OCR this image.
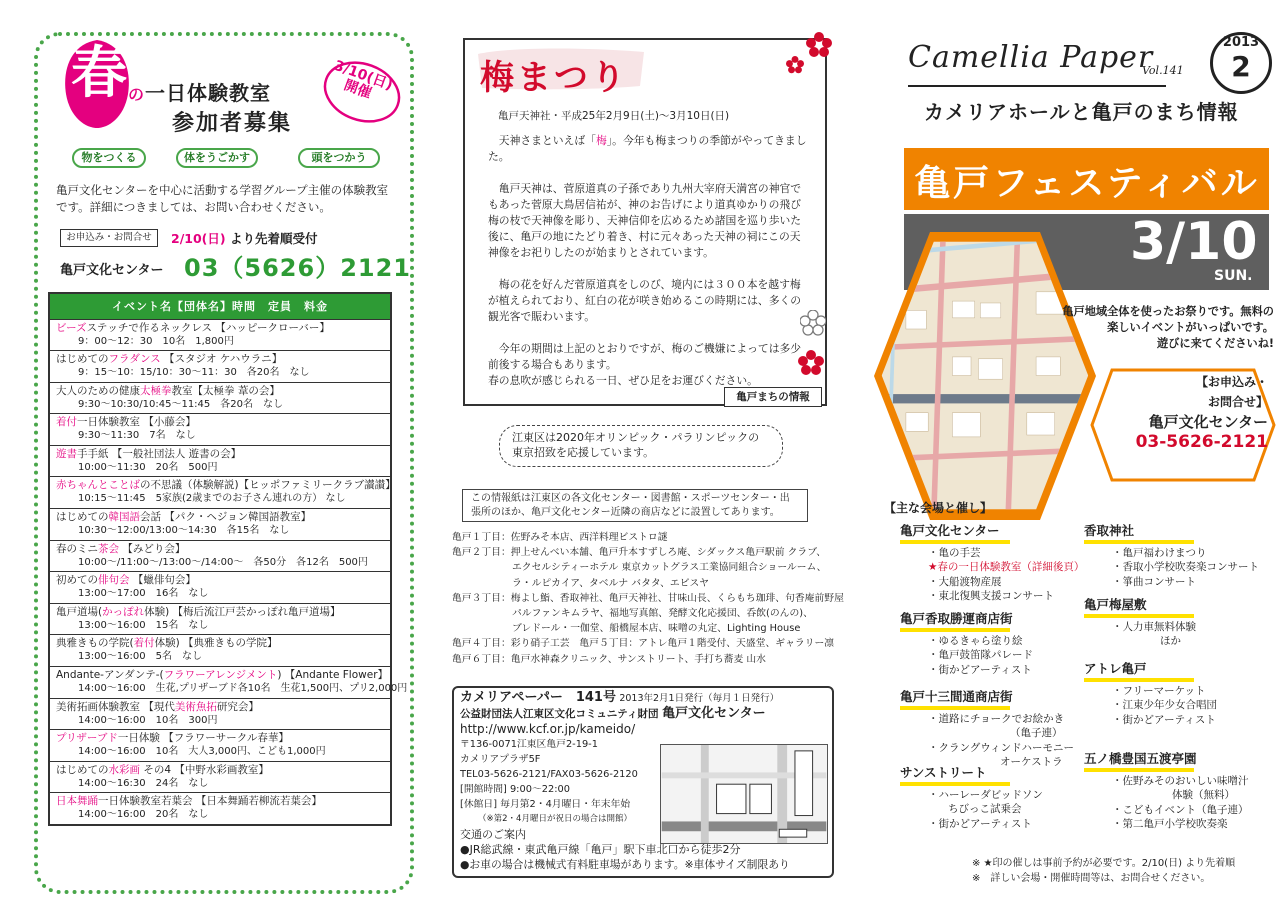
春 の一日体験教室
参加者募集
3/10(日)開催
物をつくる	体をうごかす	頭をつかう
亀戸文化センターを中心に活動する学習グループ主催の体験教室です。詳細につきましては、お問い合わせください。
お申込み・お問合せ	2/10(日) より先着順受付
亀戸文化センター 03（5626）2121
イベント名【団体名】時間　定員　料金

ビーズステッチで作るネックレス 【ハッピークローバー】
9：00～12：30　10名　1,800円

はじめてのフラダンス 【スタジオ ケハウラニ】
9：15～10：15/10：30～11：30　各20名　なし

大人のための健康太極拳教室【太極拳 葦の会】
9:30～10:30/10:45～11:45　各20名　なし

着付一日体験教室 【小藤会】
9:30～11:30　7名　なし

遊書手手紙 【一般社団法人 遊書の会】
10:00～11:30　20名　500円

赤ちゃんとことばの不思議（体験解説)【ヒッポファミリークラブ讃讃】
10:15～11:45　5家族(2歳までのお子さん連れの方） なし

はじめての韓国語会話 【パク・ヘジョン韓国語教室】
10:30～12:00/13:00～14:30　各15名　なし

春のミニ茶会 【みどり会】
10:00～/11:00～/13:00～/14:00～　各50分　各12名　500円

初めての俳句会 【蠟俳句会】
13:00～17:00　16名　なし

亀戸道場(かっぽれ体験) 【梅后流江戸芸かっぽれ亀戸道場】
13:00～16:00　15名　なし

典雅きもの学院(着付体験) 【典雅きもの学院】
13:00～16:00　5名　なし

Andante-アンダンテ-(フラワーアレンジメント) 【Andante Flower】
14:00～16:00　生花,プリザーブド各10名　生花1,500円、プリ2,000円

美術拓画体験教室 【現代美術魚拓研究会】
14:00～16:00　10名　300円

プリザーブド一日体験 【フラワーサークル春華】
14:00～16:00　10名　大人3,000円、こども1,000円

はじめての水彩画 その4 【中野水彩画教室】
14:00～16:30　24名　なし

日本舞踊一日体験教室若葉会 【日本舞踊若柳流若葉会】
14:00～16:00　20名　なし
梅まつり
亀戸天神社・平成25年2月9日(土)～3月10日(日)

天神さまといえば「梅」。今年も梅まつりの季節がやってきました。

亀戸天神は、菅原道真の子孫であり九州大宰府天満宮の神官でもあった菅原大鳥居信祐が、神のお告げにより道真ゆかりの飛び梅の枝で天神像を彫り、天神信仰を広めるため諸国を巡り歩いた後に、亀戸の地にたどり着き、村に元々あった天神の祠にこの天神像をお祀りしたのが始まりとされています。

梅の花を好んだ菅原道真をしのび、境内には３００本を越す梅が植えられており、紅白の花が咲き始めるこの時期には、多くの観光客で賑わいます。

今年の期間は上記のとおりですが、梅のご機嫌によっては多少前後する場合もあります。

春の息吹が感じられる一日、ぜひ足をお運びください。

亀戸まちの情報
江東区は2020年オリンピック・パラリンピックの東京招致を応援しています。
この情報紙は江東区の各文化センター・図書館・スポーツセンター・出張所のほか、亀戸文化センター近隣の商店などに設置してあります。
亀戸１丁目：佐野みそ本店、西洋料理ビストロ謎
亀戸２丁目：押上せんべい本舗、亀戸升本すずしろ庵、シダックス亀戸駅前 クラブ、
エクセルシティーホテル 東京カットグラス工業協同組合ショールーム、
ラ・ルピカイア、タベルナ バタタ、エビスヤ
亀戸３丁目：梅よし鮨、香取神社、亀戸天神社、甘味山長、くらもち珈琲、句香庵前野屋
パルファンキムラヤ、福地写真館、発酵文化応援団、呑飲(のんの)、
ブレドール・一伽堂、船橋屋本店、味噌の丸定、Lighting House
亀戸４丁目：彩り硝子工芸　亀戸５丁目：アトレ亀戸１階受付、天盛堂、ギャラリー凛
亀戸６丁目：亀戸水神森クリニック、サンストリート、手打ち蕎麦 山水
カメリアペーパー　141号 2013年2月1日発行（毎月１日発行）
公益財団法人江東区文化コミュニティ財団 亀戸文化センター
http://www.kcf.or.jp/kameido/
〒136-0071江東区亀戸2-19-1
カメリアプラザ5F
TEL03-5626-2121/FAX03-5626-2120
[開館時間] 9:00～22:00
[休館日] 毎月第2・4月曜日・年末年始
（※第2・4月曜日が祝日の場合は開館）
交通のご案内
●JR総武線・東武亀戸線「亀戸」駅下車北口から徒歩2分
●お車の場合は機械式有料駐車場があります。※車体サイズ制限あり
Camellia Paper
Vol.141
2013
2
カメリアホールと亀戸のまち情報
亀戸フェスティバル
3/10
SUN.
亀戸地域全体を使ったお祭りです。無料の
楽しいイベントがいっぱいです。
遊びに来てくださいね!
【お申込み・
お問合せ】
亀戸文化センター
03-5626-2121
【主な会場と催し】
亀戸文化センター
・亀の手芸
★春の一日体験教室（詳細後頁）
・大船渡物産展
・東北復興支援コンサート
亀戸香取勝運商店街
・ゆるきゃら塗り絵
・亀戸鼓笛隊パレード
・街かどアーティスト
亀戸十三間通商店街
・道路にチョークでお絵かき
（亀子連）
・クラングウィンドハーモニー
オーケストラ
サンストリート
・ハーレーダビッドソン
ちびっこ試乗会
・街かどアーティスト
香取神社
・亀戸福わけまつり
・香取小学校吹奏楽コンサート
・箏曲コンサート
亀戸梅屋敷
・人力車無料体験
ほか
アトレ亀戸
・フリーマーケット
・江東少年少女合唱団
・街かどアーティスト
五ノ橋豊国五渡亭園
・佐野みそのおいしい味噌汁
体験（無料）
・こどもイベント（亀子連）
・第二亀戸小学校吹奏楽
※ ★印の催しは事前予約が必要です。2/10(日) より先着順
※　詳しい会場・開催時間等は、お問合せください。
